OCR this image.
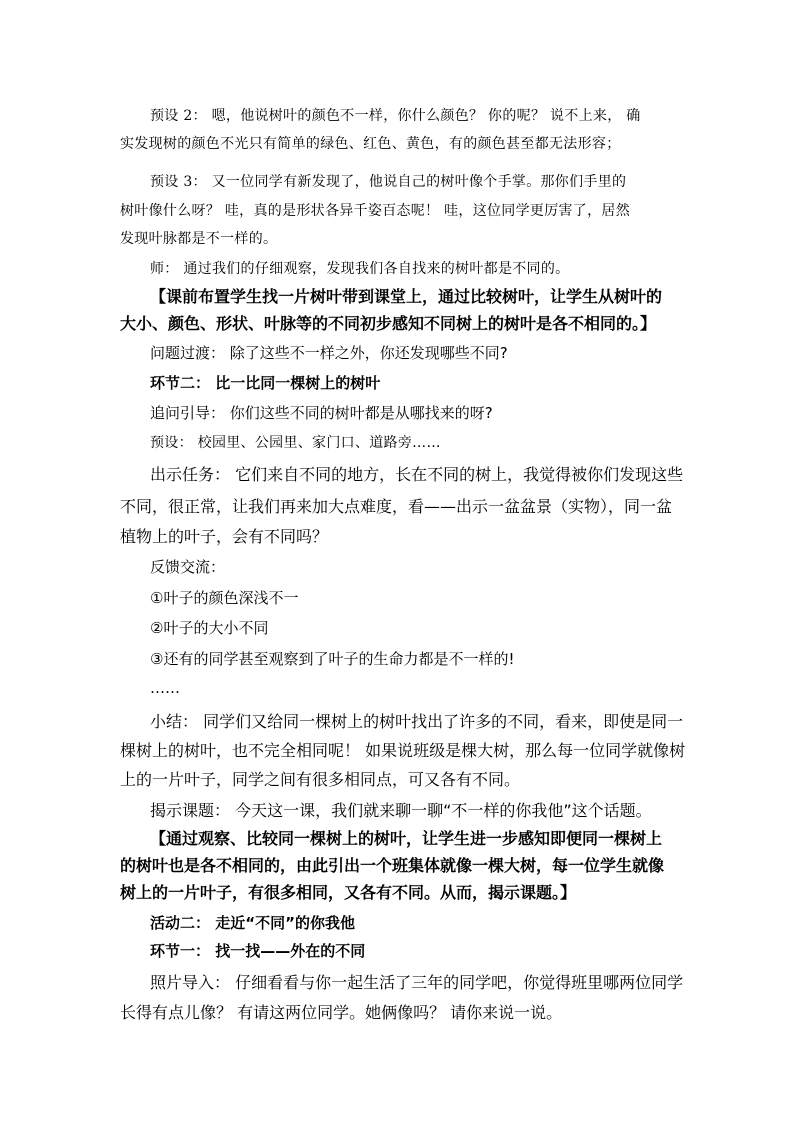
预设 2： 嗯，他说树叶的颜色不一样，你什么颜色？ 你的呢？ 说不上来， 确
实发现树的颜色不光只有简单的绿色、红色、黄色，有的颜色甚至都无法形容；
预设 3： 又一位同学有新发现了，他说自己的树叶像个手掌。那你们手里的
树叶像什么呀？ 哇，真的是形状各异千姿百态呢！ 哇，这位同学更厉害了，居然
发现叶脉都是不一样的。
师： 通过我们的仔细观察，发现我们各自找来的树叶都是不同的。
【课前布置学生找一片树叶带到课堂上，通过比较树叶，让学生从树叶的
大小、颜色、形状、叶脉等的不同初步感知不同树上的树叶是各不相同的。】
问题过渡： 除了这些不一样之外，你还发现哪些不同?
环节二： 比一比同一棵树上的树叶
追问引导： 你们这些不同的树叶都是从哪找来的呀?
预设： 校园里、公园里、家门口、道路旁……
出示任务： 它们来自不同的地方，长在不同的树上，我觉得被你们发现这些
不同，很正常，让我们再来加大点难度，看——出示一盆盆景（实物），同一盆
植物上的叶子，会有不同吗？
反馈交流：
①叶子的颜色深浅不一
②叶子的大小不同
③还有的同学甚至观察到了叶子的生命力都是不一样的!
……
小结： 同学们又给同一棵树上的树叶找出了许多的不同，看来，即使是同一
棵树上的树叶，也不完全相同呢！ 如果说班级是棵大树，那么每一位同学就像树
上的一片叶子，同学之间有很多相同点，可又各有不同。
揭示课题： 今天这一课，我们就来聊一聊“不一样的你我他”这个话题。
【通过观察、比较同一棵树上的树叶，让学生进一步感知即便同一棵树上
的树叶也是各不相同的，由此引出一个班集体就像一棵大树，每一位学生就像
树上的一片叶子，有很多相同，又各有不同。从而，揭示课题。】
活动二： 走近“不同”的你我他
环节一： 找一找——外在的不同
照片导入： 仔细看看与你一起生活了三年的同学吧，你觉得班里哪两位同学
长得有点儿像？ 有请这两位同学。她俩像吗？ 请你来说一说。
